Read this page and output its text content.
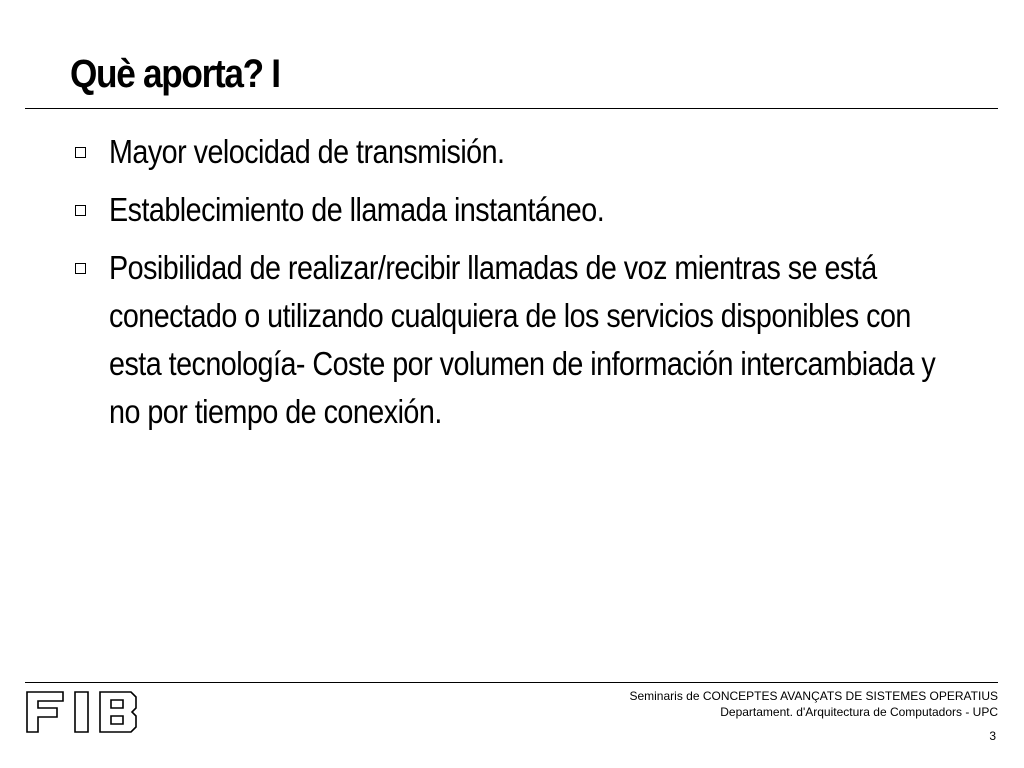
Què aporta? I
Mayor velocidad de transmisión.
Establecimiento de llamada instantáneo.
Posibilidad de realizar/recibir llamadas de voz mientras se está conectado o utilizando cualquiera de los servicios disponibles con esta tecnología- Coste por volumen de información intercambiada y no por tiempo de conexión.
Seminaris de CONCEPTES AVANÇATS DE SISTEMES OPERATIUS
Departament. d'Arquitectura de Computadors - UPC
3
